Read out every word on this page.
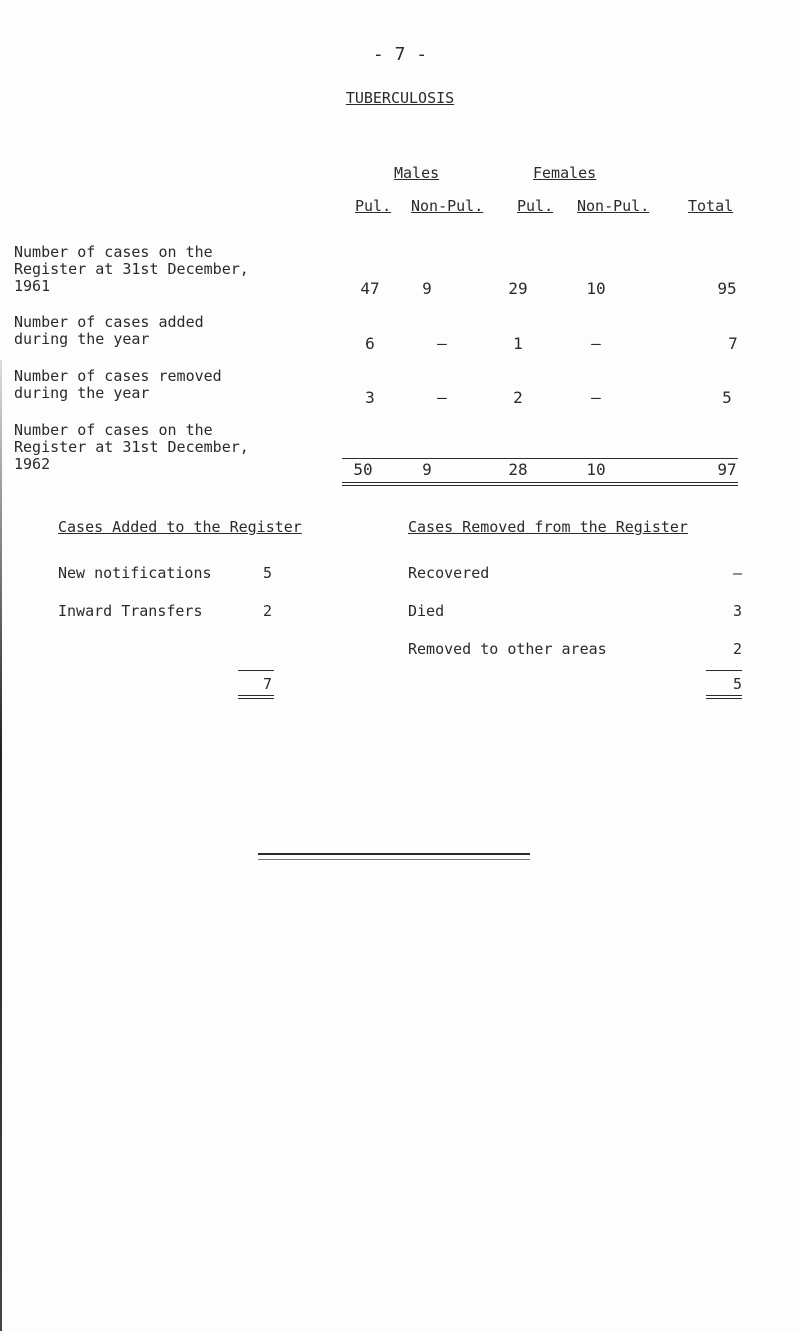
- 7 -
TUBERCULOSIS
Males	Females
Pul. Non-Pul. Pul. Non-Pul.	Total
Number of cases on the
Register at 31st December,
1961	47	9	29	10	95
Number of cases added
during the year	6	–	1	–	7
Number of cases removed
during the year	3	–	2	–	5
Number of cases on the
Register at 31st December,
1962	50	9	28	10	97
Cases Added to the Register
New notifications	5
Inward Transfers	2
7
Cases Removed from the Register
Recovered	–
Died	3
Removed to other areas	2
5
